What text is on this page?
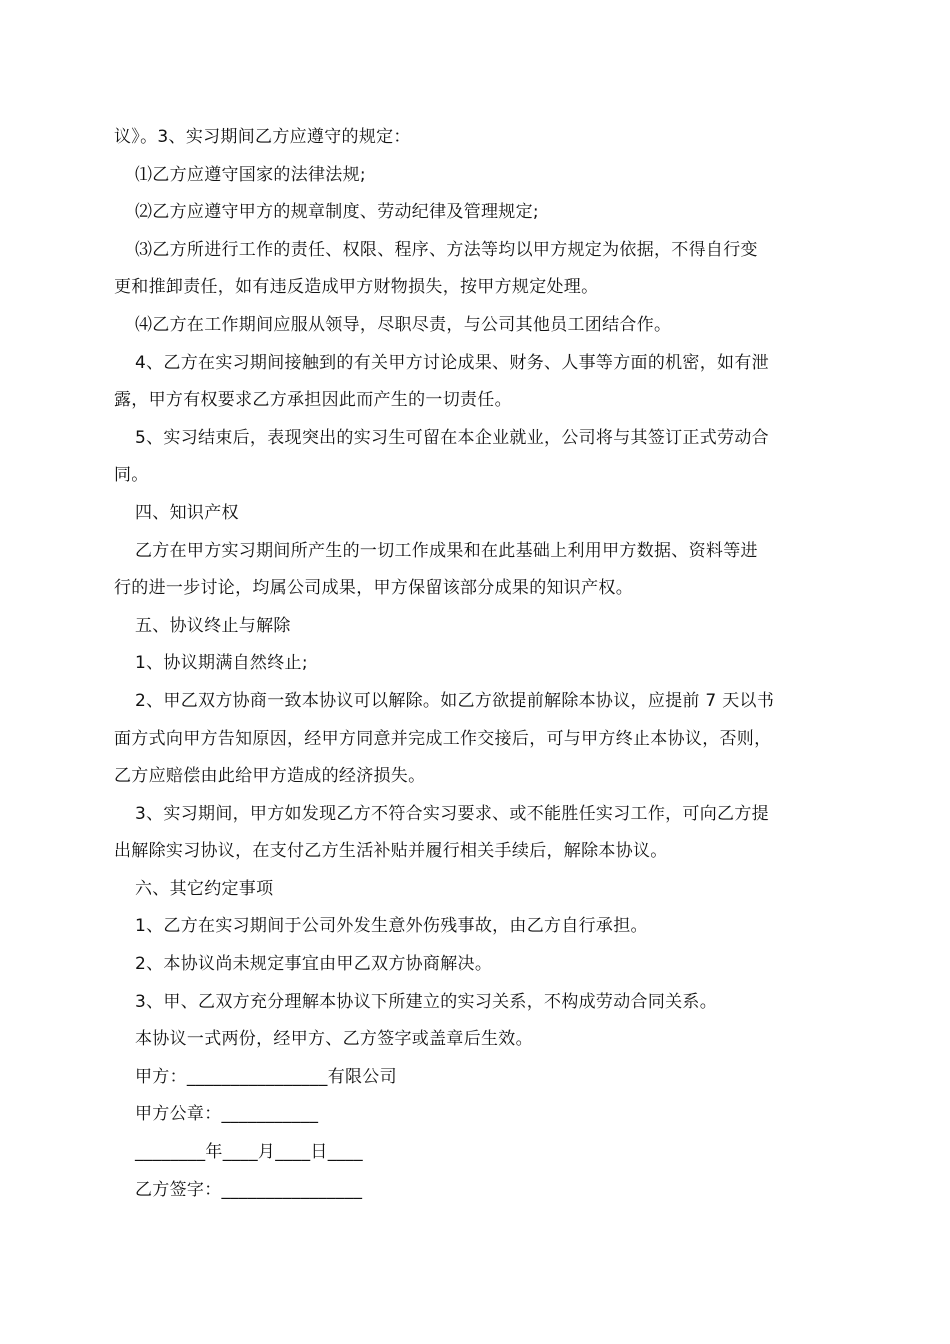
议》。3、实习期间乙方应遵守的规定：

⑴乙方应遵守国家的法律法规;

⑵乙方应遵守甲方的规章制度、劳动纪律及管理规定;

⑶乙方所进行工作的责任、权限、程序、方法等均以甲方规定为依据，不得自行变

更和推卸责任，如有违反造成甲方财物损失，按甲方规定处理。

⑷乙方在工作期间应服从领导，尽职尽责，与公司其他员工团结合作。

4、乙方在实习期间接触到的有关甲方讨论成果、财务、人事等方面的机密，如有泄

露，甲方有权要求乙方承担因此而产生的一切责任。

5、实习结束后，表现突出的实习生可留在本企业就业，公司将与其签订正式劳动合

同。

四、知识产权

乙方在甲方实习期间所产生的一切工作成果和在此基础上利用甲方数据、资料等进

行的进一步讨论，均属公司成果，甲方保留该部分成果的知识产权。

五、协议终止与解除

1、协议期满自然终止;

2、甲乙双方协商一致本协议可以解除。如乙方欲提前解除本协议，应提前 7 天以书

面方式向甲方告知原因，经甲方同意并完成工作交接后，可与甲方终止本协议，否则，

乙方应赔偿由此给甲方造成的经济损失。

3、实习期间，甲方如发现乙方不符合实习要求、或不能胜任实习工作，可向乙方提

出解除实习协议，在支付乙方生活补贴并履行相关手续后，解除本协议。

六、其它约定事项

1、乙方在实习期间于公司外发生意外伤残事故，由乙方自行承担。

2、本协议尚未规定事宜由甲乙双方协商解决。

3、甲、乙双方充分理解本协议下所建立的实习关系，不构成劳动合同关系。

本协议一式两份，经甲方、乙方签字或盖章后生效。

甲方：________________有限公司

甲方公章：___________

________年____月____日____

乙方签字：________________
